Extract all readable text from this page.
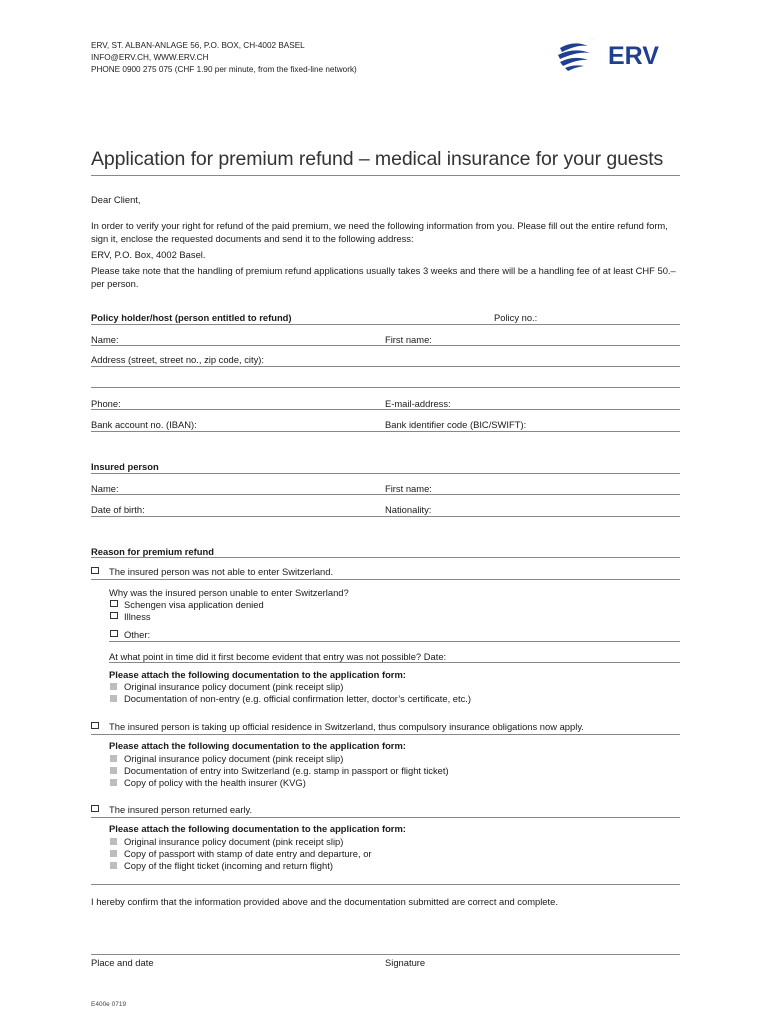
ERV, ST. ALBAN-ANLAGE 56, P.O. BOX, CH-4002 BASEL
INFO@ERV.CH, WWW.ERV.CH
PHONE 0900 275 075 (CHF 1.90 per minute, from the fixed-line network)	ERV
Application for premium refund – medical insurance for your guests
Dear Client,
In order to verify your right for refund of the paid premium, we need the following information from you. Please fill out the entire refund form, sign it, enclose the requested documents and send it to the following address:
ERV, P.O. Box, 4002 Basel.
Please take note that the handling of premium refund applications usually takes 3 weeks and there will be a handling fee of at least CHF 50.– per person.
Policy holder/host (person entitled to refund)	Policy no.:
Name:	First name:
Address (street, street no., zip code, city):
Phone:	E-mail-address:
Bank account no. (IBAN):	Bank identifier code (BIC/SWIFT):
Insured person
Name:	First name:
Date of birth:	Nationality:
Reason for premium refund
The insured person was not able to enter Switzerland.
Why was the insured person unable to enter Switzerland?
Schengen visa application denied
Illness
Other:
At what point in time did it first become evident that entry was not possible? Date:
Please attach the following documentation to the application form:
Original insurance policy document (pink receipt slip)
Documentation of non-entry (e.g. official confirmation letter, doctor’s certificate, etc.)
The insured person is taking up official residence in Switzerland, thus compulsory insurance obligations now apply.
Please attach the following documentation to the application form:
Original insurance policy document (pink receipt slip)
Documentation of entry into Switzerland (e.g. stamp in passport or flight ticket)
Copy of policy with the health insurer (KVG)
The insured person returned early.
Please attach the following documentation to the application form:
Original insurance policy document (pink receipt slip)
Copy of passport with stamp of date entry and departure, or
Copy of the flight ticket (incoming and return flight)
I hereby confirm that the information provided above and the documentation submitted are correct and complete.
Place and date	Signature
E400e 0719
